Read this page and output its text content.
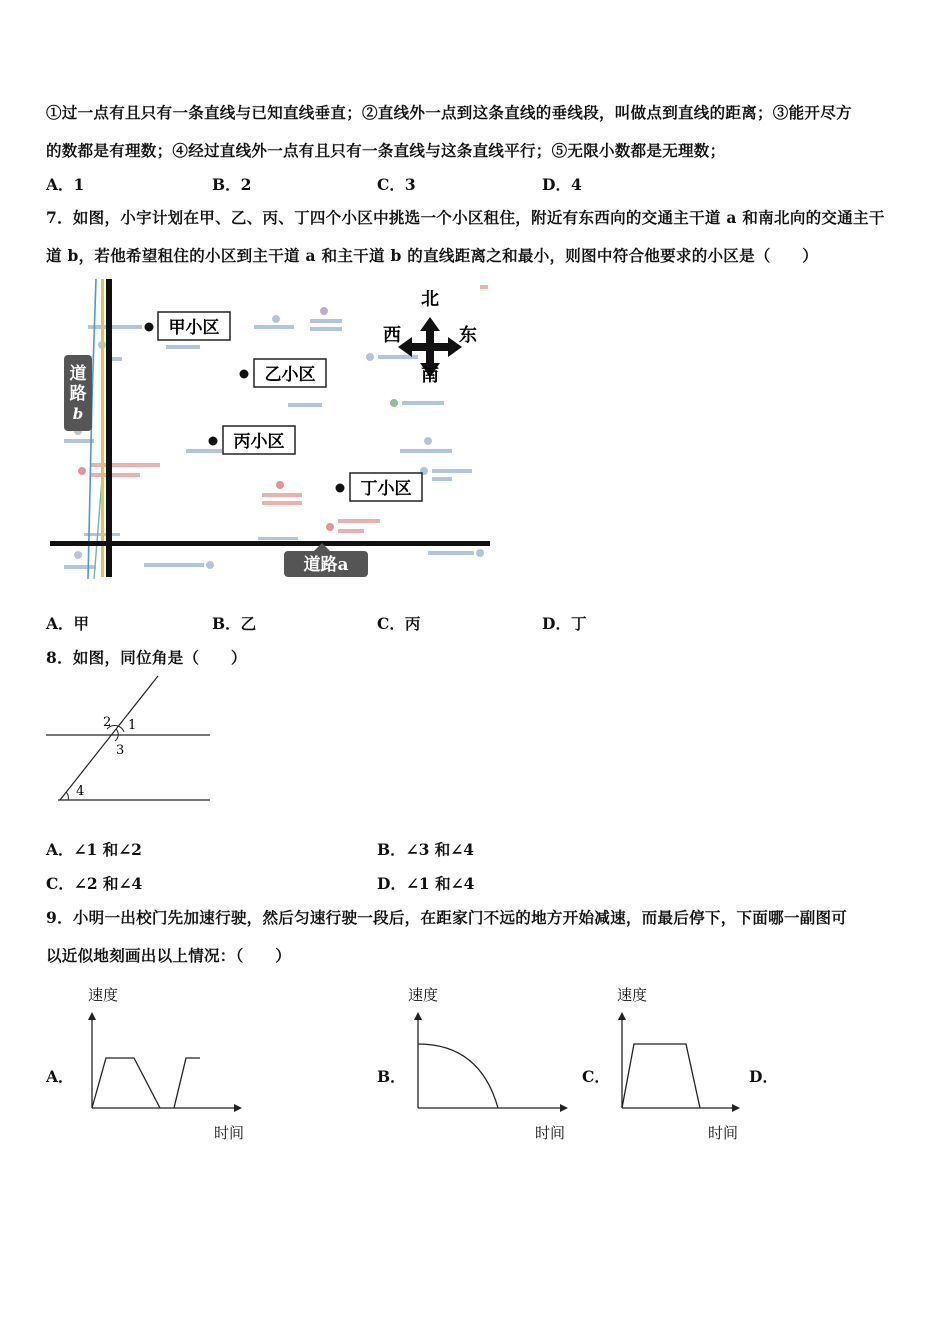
①过一点有且只有一条直线与已知直线垂直；②直线外一点到这条直线的垂线段，叫做点到直线的距离；③能开尽方
的数都是有理数；④经过直线外一点有且只有一条直线与这条直线平行；⑤无限小数都是无理数；
A．1	B．2	C．3	D．4
7．如图，小宇计划在甲、乙、丙、丁四个小区中挑选一个小区租住，附近有东西向的交通主干道 a 和南北向的交通主干
道 b，若他希望租住的小区到主干道 a 和主干道 b 的直线距离之和最小，则图中符合他要求的小区是（　　）
道
路
b
道路a
北
南
西	东
甲小区
乙小区
丙小区
丁小区
A．甲	B．乙	C．丙	D．丁
8．如图，同位角是（　　）
2 1
3
4
A．∠1 和∠2	B．∠3 和∠4
C．∠2 和∠4	D．∠1 和∠4
9．小明一出校门先加速行驶，然后匀速行驶一段后，在距家门不远的地方开始减速，而最后停下，下面哪一副图可
以近似地刻画出以上情况：（　　）
A．
速度
时间
B．
速度
时间
C．
速度
时间
D．
